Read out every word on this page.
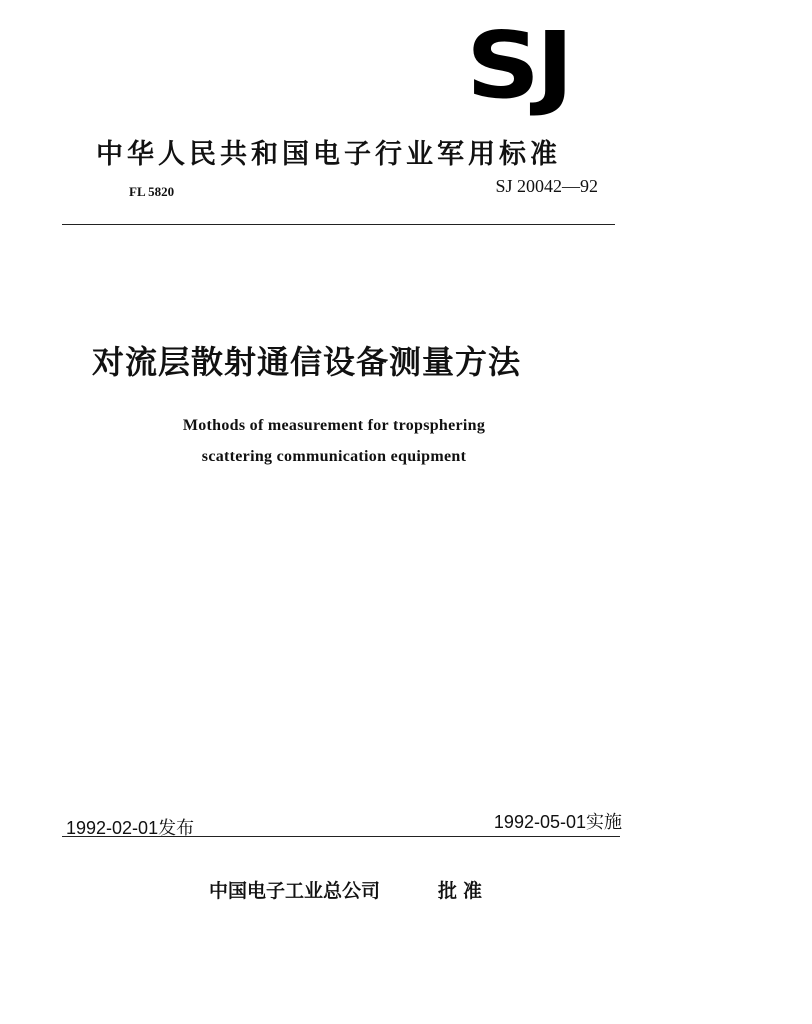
SJ
中华人民共和国电子行业军用标准
FL 5820	SJ 20042—92
对流层散射通信设备测量方法
Mothods of measurement for tropsphering
scattering communication equipment
1992-02-01发布	1992-05-01实施
中国电子工业总公司	批准
